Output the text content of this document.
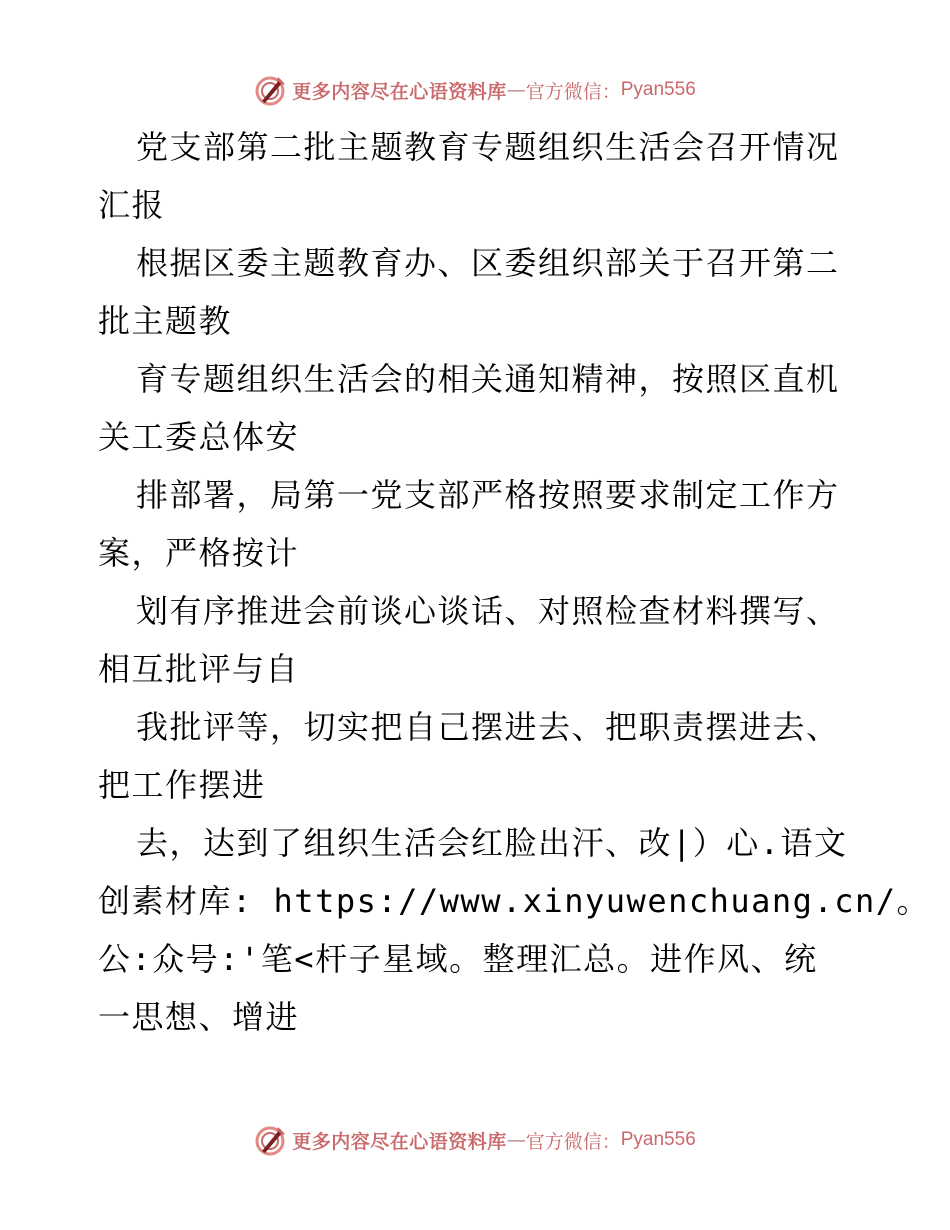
更多内容尽在心语资料库 — 官方微信： Pyan556
党支部第二批主题教育专题组织生活会召开情况
汇报
根据区委主题教育办、区委组织部关于召开第二
批主题教
育专题组织生活会的相关通知精神，按照区直机
关工委总体安
排部署，局第一党支部严格按照要求制定工作方
案，严格按计
划有序推进会前谈心谈话、对照检查材料撰写、
相互批评与自
我批评等，切实把自己摆进去、把职责摆进去、
把工作摆进
去，达到了组织生活会红脸出汗、改|）心.语文
创素材库: https://www.xinyuwenchuang.cn/。
公:众号:'笔<杆子星域。整理汇总。进作风、统
一思想、增进
更多内容尽在心语资料库 — 官方微信： Pyan556
